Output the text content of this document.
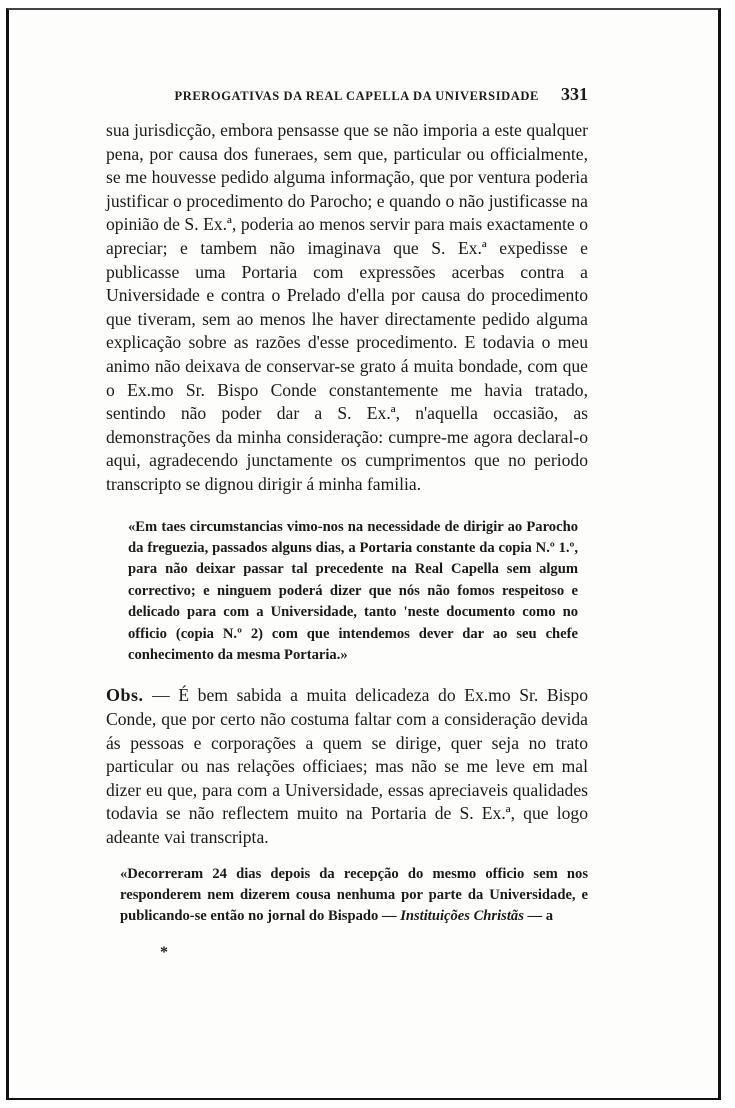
PREROGATIVAS DA REAL CAPELLA DA UNIVERSIDADE 331

sua jurisdicção, embora pensasse que se não imporia a este qualquer pena, por causa dos funeraes, sem que, particular ou officialmente, se me houvesse pedido alguma informação, que por ventura poderia justificar o procedimento do Parocho; e quando o não justificasse na opinião de S. Ex.ª, poderia ao menos servir para mais exactamente o apreciar; e tambem não imaginava que S. Ex.ª expedisse e publicasse uma Portaria com expressões acerbas contra a Universidade e contra o Prelado d'ella por causa do procedimento que tiveram, sem ao menos lhe haver directamente pedido alguma explicação sobre as razões d'esse procedimento. E todavia o meu animo não deixava de conservar-se grato á muita bondade, com que o Ex.mo Sr. Bispo Conde constantemente me havia tratado, sentindo não poder dar a S. Ex.ª, n'aquella occasião, as demonstrações da minha consideração: cumpre-me agora declaral-o aqui, agradecendo junctamente os cumprimentos que no periodo transcripto se dignou dirigir á minha familia.

«Em taes circumstancias vimo-nos na necessidade de dirigir ao Parocho da freguezia, passados alguns dias, a Portaria constante da copia N.º 1.º, para não deixar passar tal precedente na Real Capella sem algum correctivo; e ninguem poderá dizer que nós não fomos respeitoso e delicado para com a Universidade, tanto 'neste documento como no officio (copia N.º 2) com que intendemos dever dar ao seu chefe conhecimento da mesma Portaria.»

Obs. — É bem sabida a muita delicadeza do Ex.mo Sr. Bispo Conde, que por certo não costuma faltar com a consideração devida ás pessoas e corporações a quem se dirige, quer seja no trato particular ou nas relações officiaes; mas não se me leve em mal dizer eu que, para com a Universidade, essas apreciaveis qualidades todavia se não reflectem muito na Portaria de S. Ex.ª, que logo adeante vai transcripta.

«Decorreram 24 dias depois da recepção do mesmo officio sem nos responderem nem dizerem cousa nenhuma por parte da Universidade, e publicando-se então no jornal do Bispado — Instituições Christãs — a

*
